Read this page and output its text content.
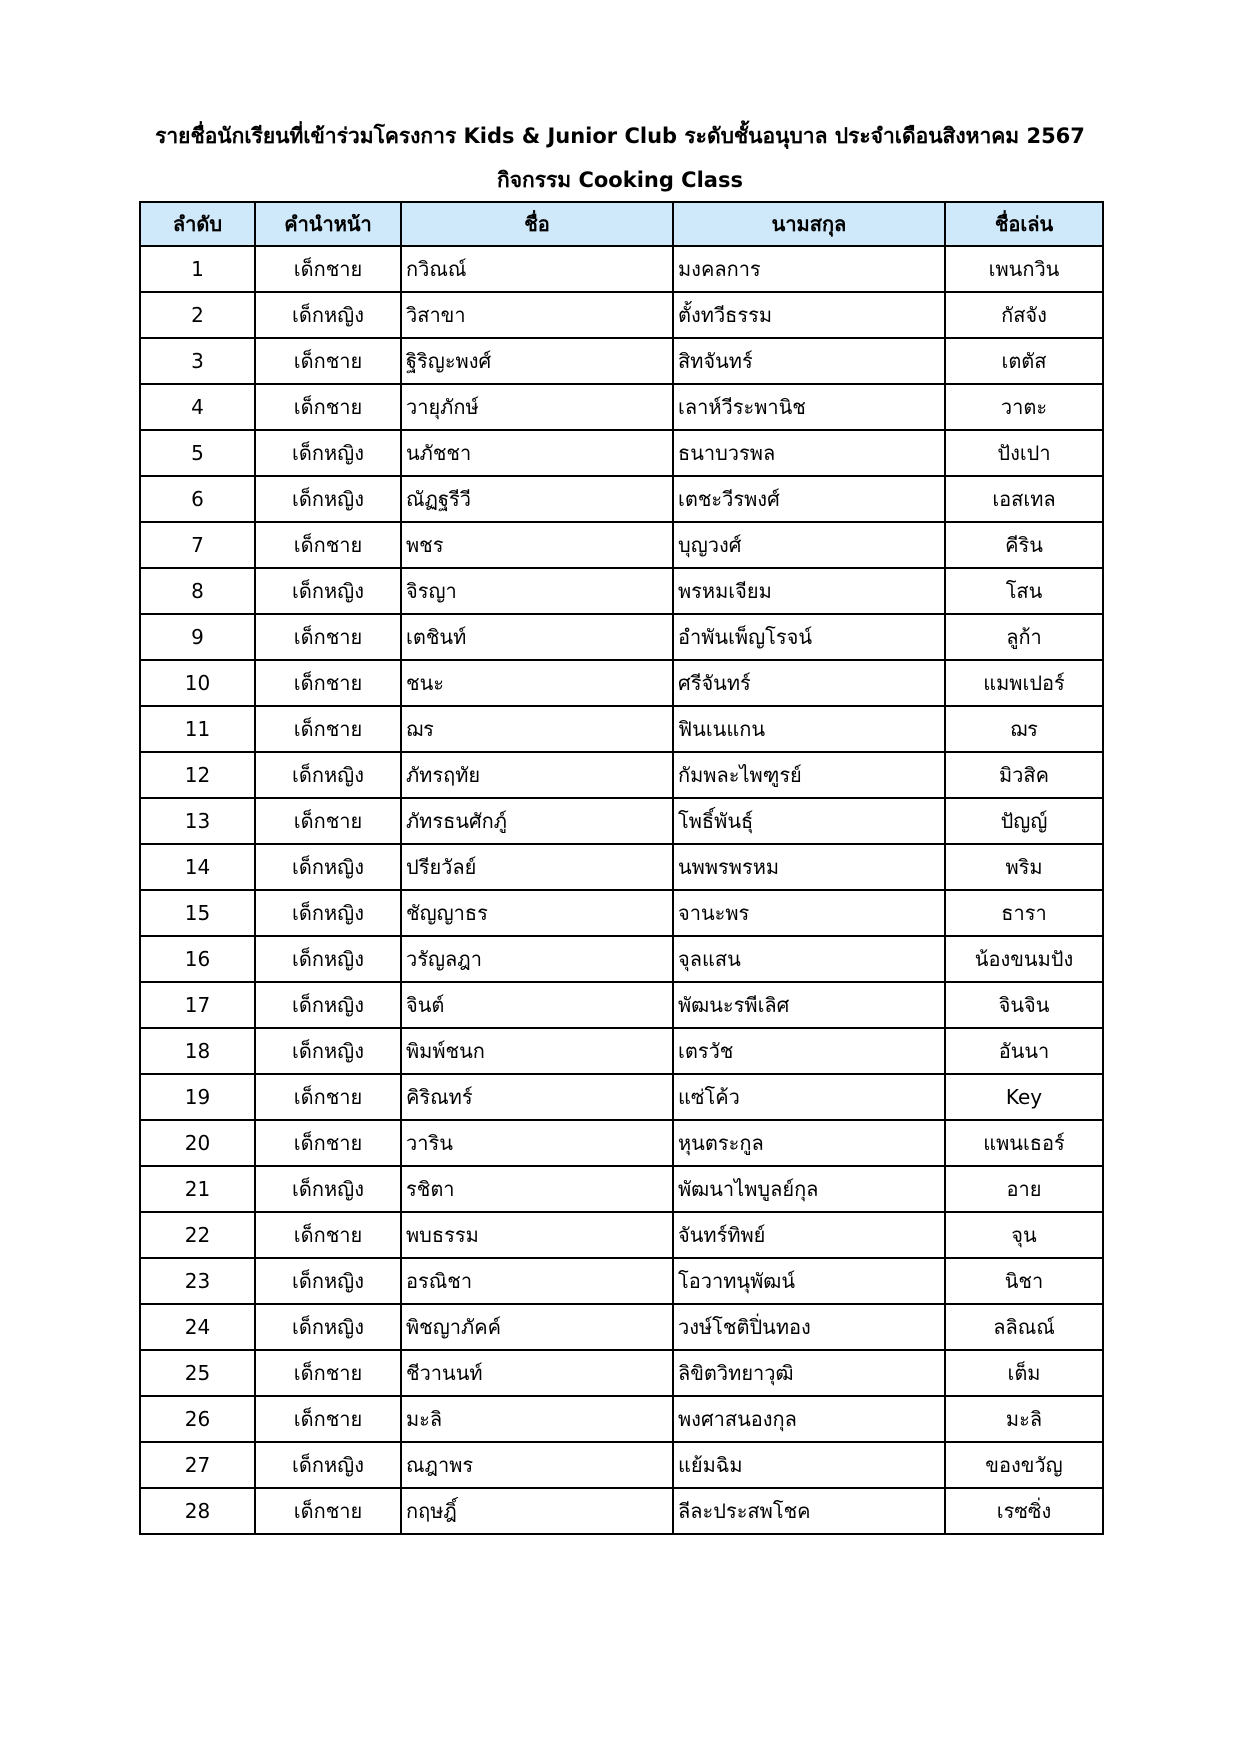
รายชื่อนักเรียนที่เข้าร่วมโครงการ Kids & Junior Club ระดับชั้นอนุบาล ประจำเดือนสิงหาคม 2567
กิจกรรม Cooking Class
ลำดับ	คำนำหน้า	ชื่อ	นามสกุล	ชื่อเล่น
1	เด็กชาย	กวิณณ์	มงคลการ	เพนกวิน
2	เด็กหญิง	วิสาขา	ตั้งทวีธรรม	กัสจัง
3	เด็กชาย	ฐิริญะพงศ์	สิทจันทร์	เตตัส
4	เด็กชาย	วายุภักษ์	เลาห์วีระพานิช	วาตะ
5	เด็กหญิง	นภัชชา	ธนาบวรพล	ปังเปา
6	เด็กหญิง	ณัฏฐรีวี	เตชะวีรพงศ์	เอสเทล
7	เด็กชาย	พชร	บุญวงศ์	คีริน
8	เด็กหญิง	จิรญา	พรหมเจียม	โสน
9	เด็กชาย	เตชินท์	อำพันเพ็ญโรจน์	ลูก้า
10	เด็กชาย	ชนะ	ศรีจันทร์	แมพเปอร์
11	เด็กชาย	ฌร	ฟินเนแกน	ฌร
12	เด็กหญิง	ภัทรฤทัย	กัมพละไพฑูรย์	มิวสิค
13	เด็กชาย	ภัทรธนศักภู์	โพธิ์พันธุ์	ปัญญ์
14	เด็กหญิง	ปรียวัลย์	นพพรพรหม	พริม
15	เด็กหญิง	ชัญญาธร	จานะพร	ธารา
16	เด็กหญิง	วรัญลฎา	จุลแสน	น้องขนมปัง
17	เด็กหญิง	จินต์	พัฒนะรพีเลิศ	จินจิน
18	เด็กหญิง	พิมพ์ชนก	เตรวัช	อันนา
19	เด็กชาย	คิริณทร์	แซ่โค้ว	Key
20	เด็กชาย	วาริน	หุนตระกูล	แพนเธอร์
21	เด็กหญิง	รชิตา	พัฒนาไพบูลย์กุล	อาย
22	เด็กชาย	พบธรรม	จันทร์ทิพย์	จุน
23	เด็กหญิง	อรณิชา	โอวาทนุพัฒน์	นิชา
24	เด็กหญิง	พิชญาภัคค์	วงษ์โชติปิ่นทอง	ลลิณณ์
25	เด็กชาย	ชีวานนท์	ลิขิตวิทยาวุฒิ	เต็ม
26	เด็กชาย	มะลิ	พงศาสนองกุล	มะลิ
27	เด็กหญิง	ณฎาพร	แย้มฉิม	ของขวัญ
28	เด็กชาย	กฤษฎิ์	ลีละประสพโชค	เรซซิ่ง
